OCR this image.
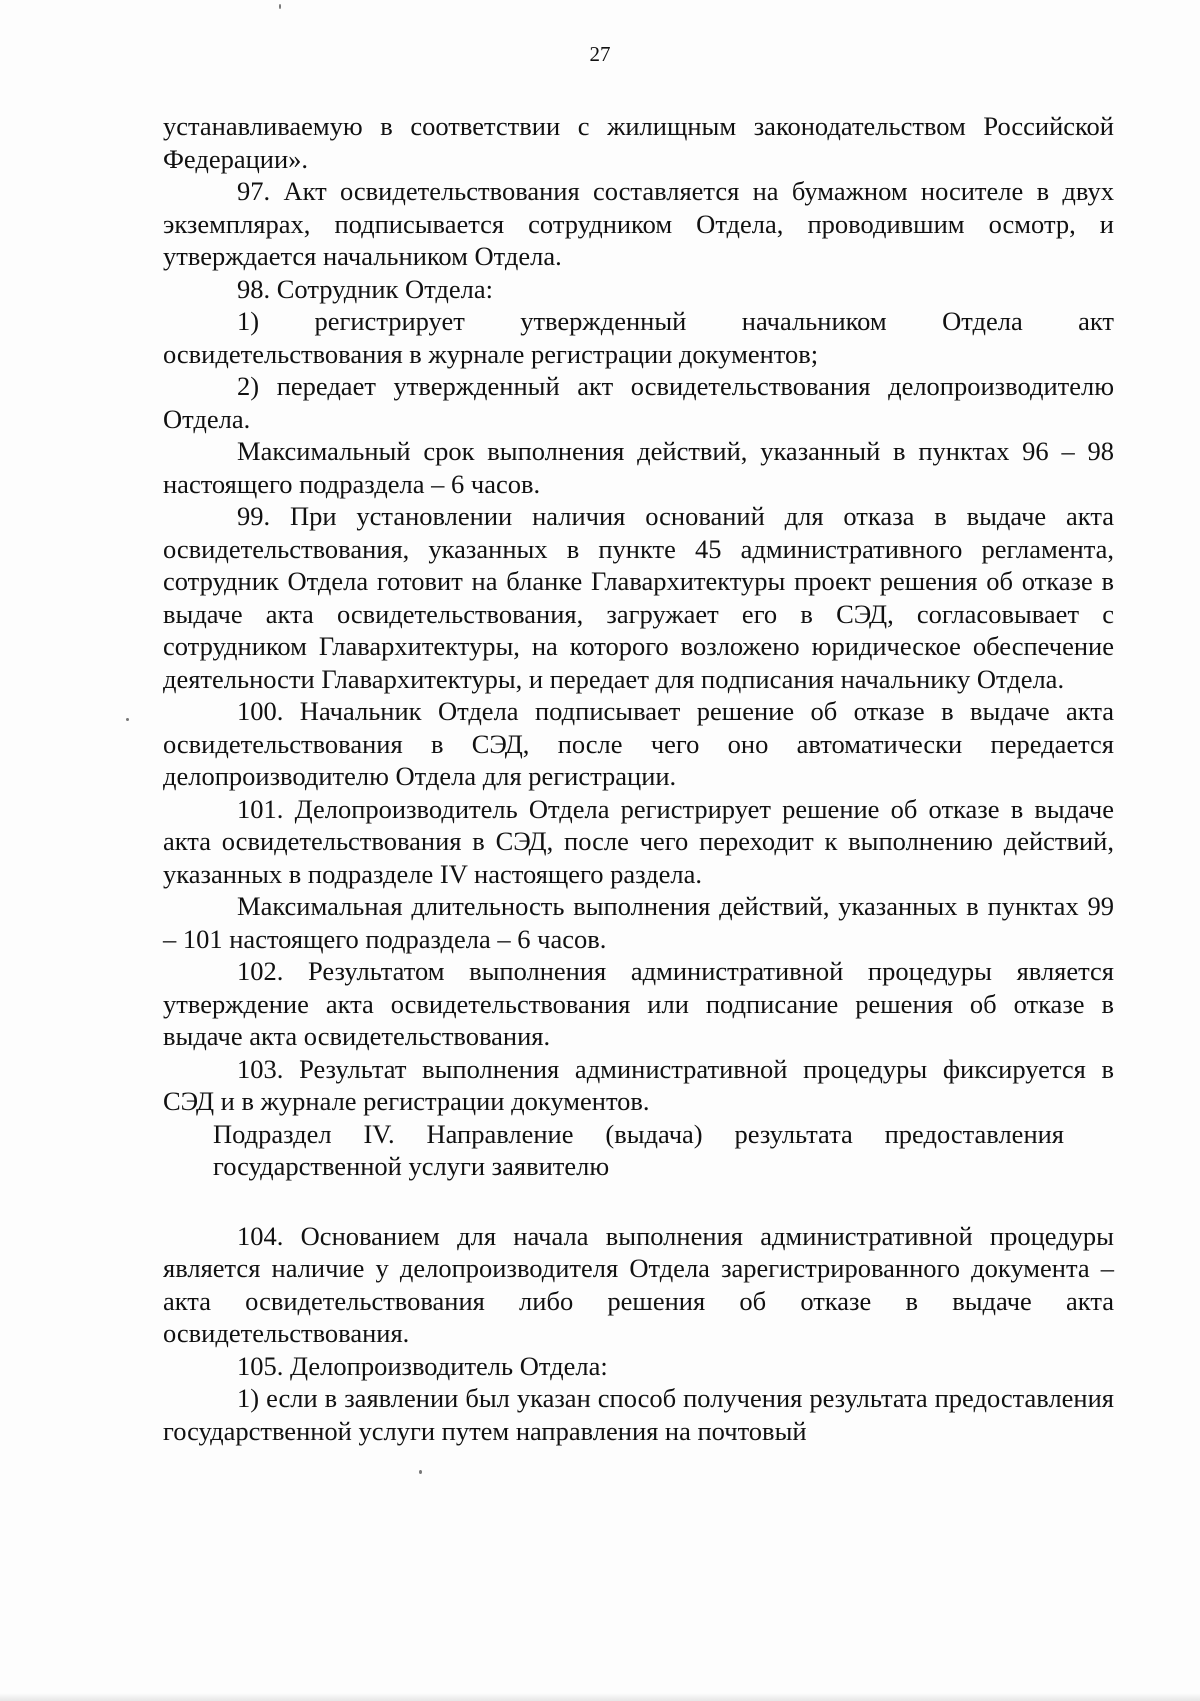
27

устанавливаемую в соответствии с жилищным законодательством Российской Федерации».

97. Акт освидетельствования составляется на бумажном носителе в двух экземплярах, подписывается сотрудником Отдела, проводившим осмотр, и утверждается начальником Отдела.

98. Сотрудник Отдела:

1) регистрирует утвержденный начальником Отдела акт освидетельствования в журнале регистрации документов;

2) передает утвержденный акт освидетельствования делопроизводителю Отдела.

Максимальный срок выполнения действий, указанный в пунктах 96 – 98 настоящего подраздела – 6 часов.

99. При установлении наличия оснований для отказа в выдаче акта освидетельствования, указанных в пункте 45 административного регламента, сотрудник Отдела готовит на бланке Главархитектуры проект решения об отказе в выдаче акта освидетельствования, загружает его в СЭД, согласовывает с сотрудником Главархитектуры, на которого возложено юридическое обеспечение деятельности Главархитектуры, и передает для подписания начальнику Отдела.

100. Начальник Отдела подписывает решение об отказе в выдаче акта освидетельствования в СЭД, после чего оно автоматически передается делопроизводителю Отдела для регистрации.

101. Делопроизводитель Отдела регистрирует решение об отказе в выдаче акта освидетельствования в СЭД, после чего переходит к выполнению действий, указанных в подразделе IV настоящего раздела.

Максимальная длительность выполнения действий, указанных в пунктах 99 – 101 настоящего подраздела – 6 часов.

102. Результатом выполнения административной процедуры является утверждение акта освидетельствования или подписание решения об отказе в выдаче акта освидетельствования.

103. Результат выполнения административной процедуры фиксируется в СЭД и в журнале регистрации документов.

Подраздел IV. Направление (выдача) результата предоставления государственной услуги заявителю

104. Основанием для начала выполнения административной процедуры является наличие у делопроизводителя Отдела зарегистрированного документа – акта освидетельствования либо решения об отказе в выдаче акта освидетельствования.

105. Делопроизводитель Отдела:

1) если в заявлении был указан способ получения результата предоставления государственной услуги путем направления на почтовый
